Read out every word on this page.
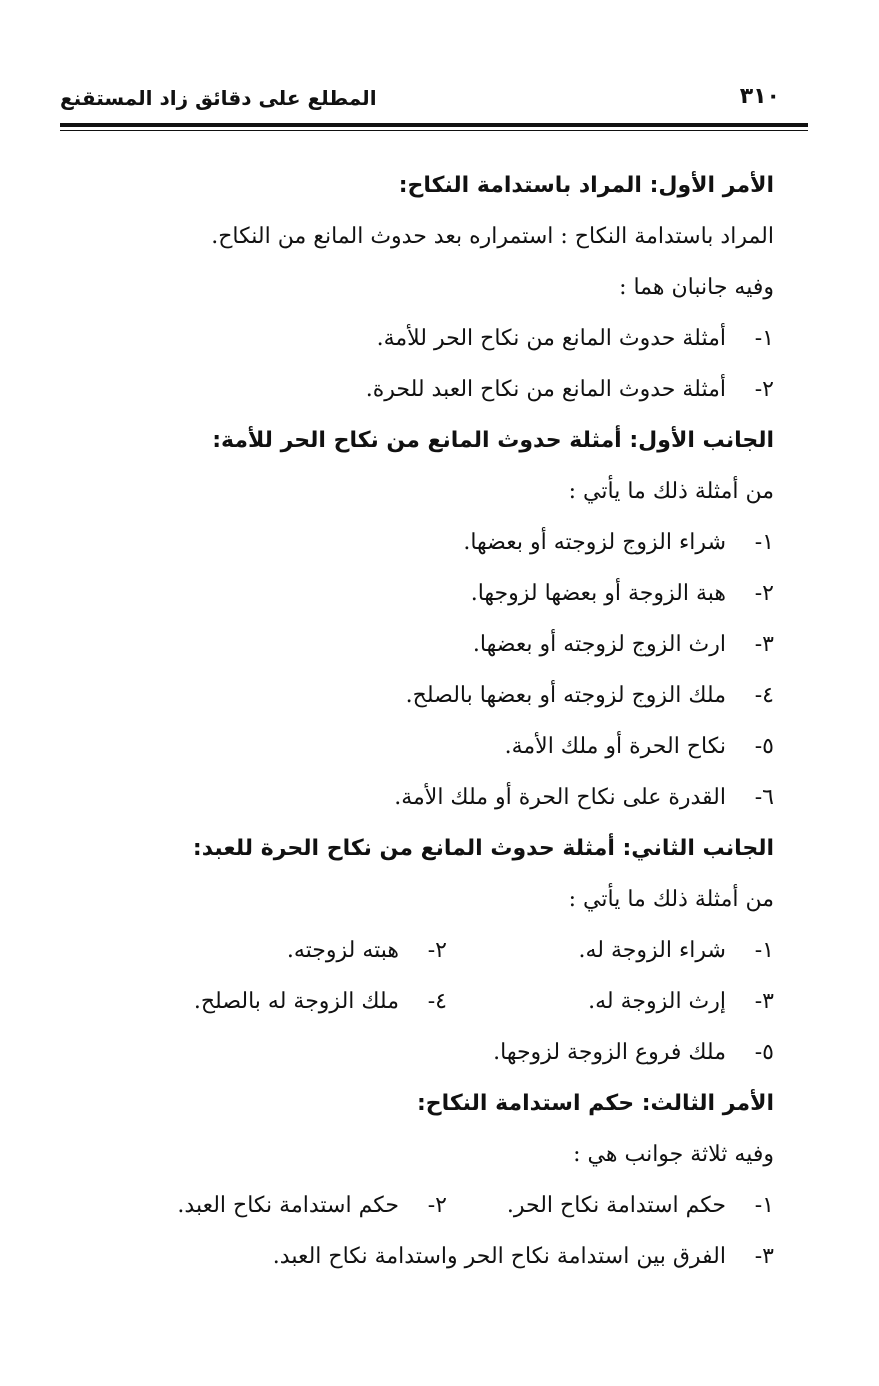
٣١٠
المطلع على دقائق زاد المستقنع
الأمر الأول: المراد باستدامة النكاح:
المراد باستدامة النكاح : استمراره بعد حدوث المانع من النكاح.
وفيه جانبان هما :
١-أمثلة حدوث المانع من نكاح الحر للأمة.
٢-أمثلة حدوث المانع من نكاح العبد للحرة.
الجانب الأول: أمثلة حدوث المانع من نكاح الحر للأمة:
من أمثلة ذلك ما يأتي :
١-شراء الزوج لزوجته أو بعضها.
٢-هبة الزوجة أو بعضها لزوجها.
٣-ارث الزوج لزوجته أو بعضها.
٤-ملك الزوج لزوجته أو بعضها بالصلح.
٥-نكاح الحرة أو ملك الأمة.
٦-القدرة على نكاح الحرة أو ملك الأمة.
الجانب الثاني: أمثلة حدوث المانع من نكاح الحرة للعبد:
من أمثلة ذلك ما يأتي :
١-شراء الزوجة له.
٢-هبته لزوجته.
٣-إرث الزوجة له.
٤-ملك الزوجة له بالصلح.
٥-ملك فروع الزوجة لزوجها.
الأمر الثالث: حكم استدامة النكاح:
وفيه ثلاثة جوانب هي :
١-حكم استدامة نكاح الحر.
٢-حكم استدامة نكاح العبد.
٣-الفرق بين استدامة نكاح الحر واستدامة نكاح العبد.
